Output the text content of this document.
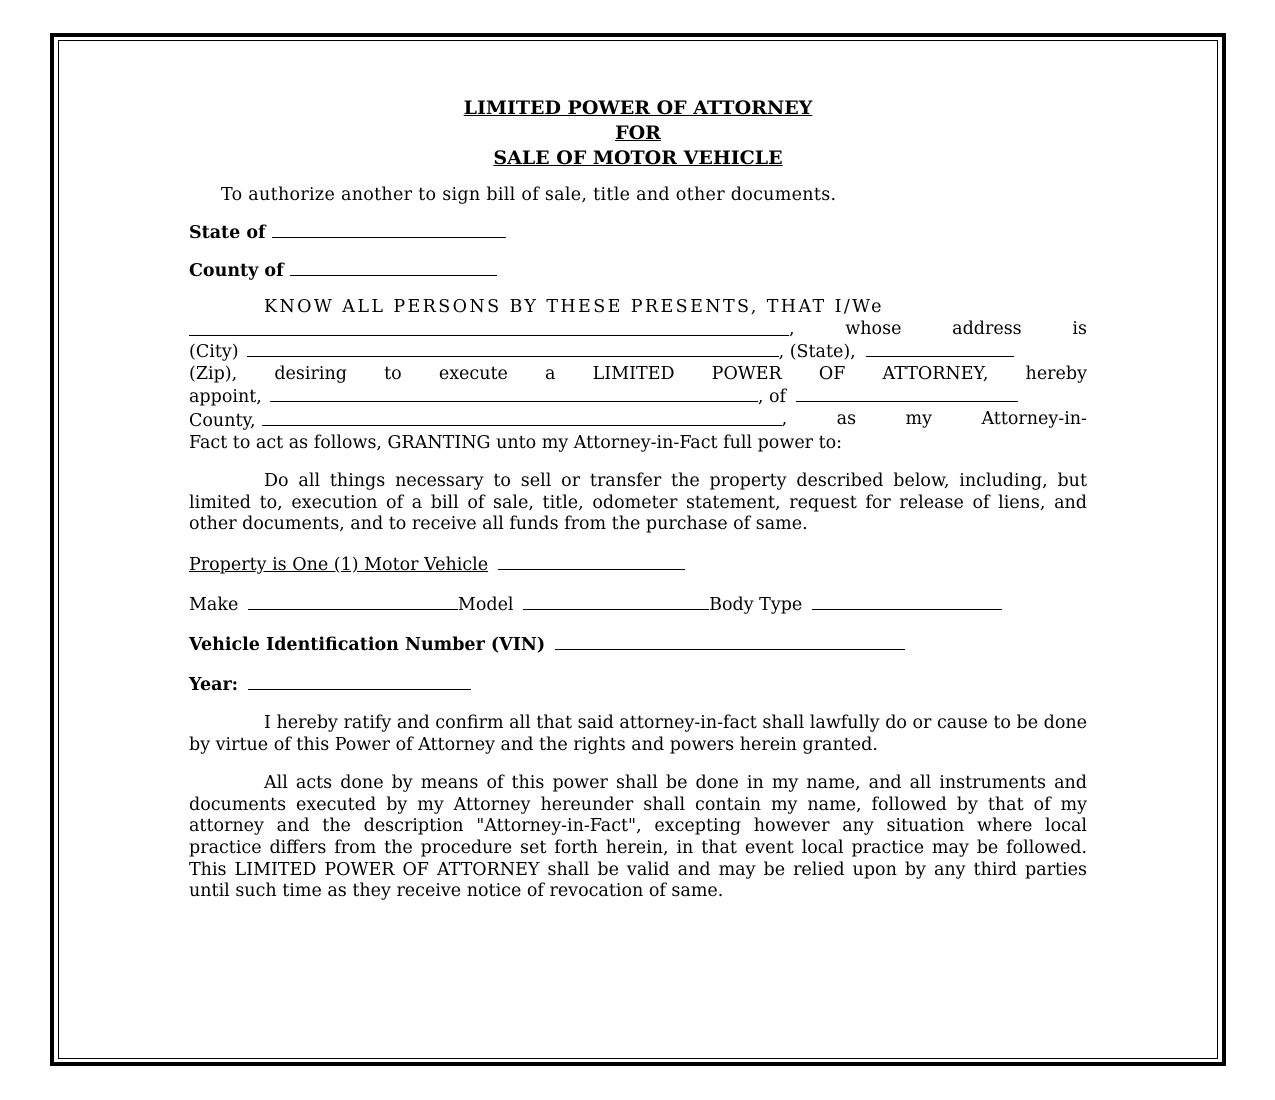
LIMITED POWER OF ATTORNEY
FOR
SALE OF MOTOR VEHICLE
To authorize another to sign bill of sale, title and other documents.
State of
County of
KNOW ALL PERSONS BY THESE PRESENTS, THAT I/We
,	whose	address	is
(City)	, (State),
(Zip), desiring to execute a LIMITED POWER OF ATTORNEY, hereby
appoint,	, of
County,	,	as	my	Attorney-in-
Fact to act as follows, GRANTING unto my Attorney-in-Fact full power to:
Do all things necessary to sell or transfer the property described below, including, but limited to, execution of a bill of sale, title, odometer statement, request for release of liens, and other documents, and to receive all funds from the purchase of same.
Property is One (1) Motor Vehicle
Make	Model	Body Type
Vehicle Identification Number (VIN)
Year:
I hereby ratify and confirm all that said attorney-in-fact shall lawfully do or cause to be done by virtue of this Power of Attorney and the rights and powers herein granted.
All acts done by means of this power shall be done in my name, and all instruments and documents executed by my Attorney hereunder shall contain my name, followed by that of my attorney and the description "Attorney-in-Fact", excepting however any situation where local practice differs from the procedure set forth herein, in that event local practice may be followed. This LIMITED POWER OF ATTORNEY shall be valid and may be relied upon by any third parties until such time as they receive notice of revocation of same.
